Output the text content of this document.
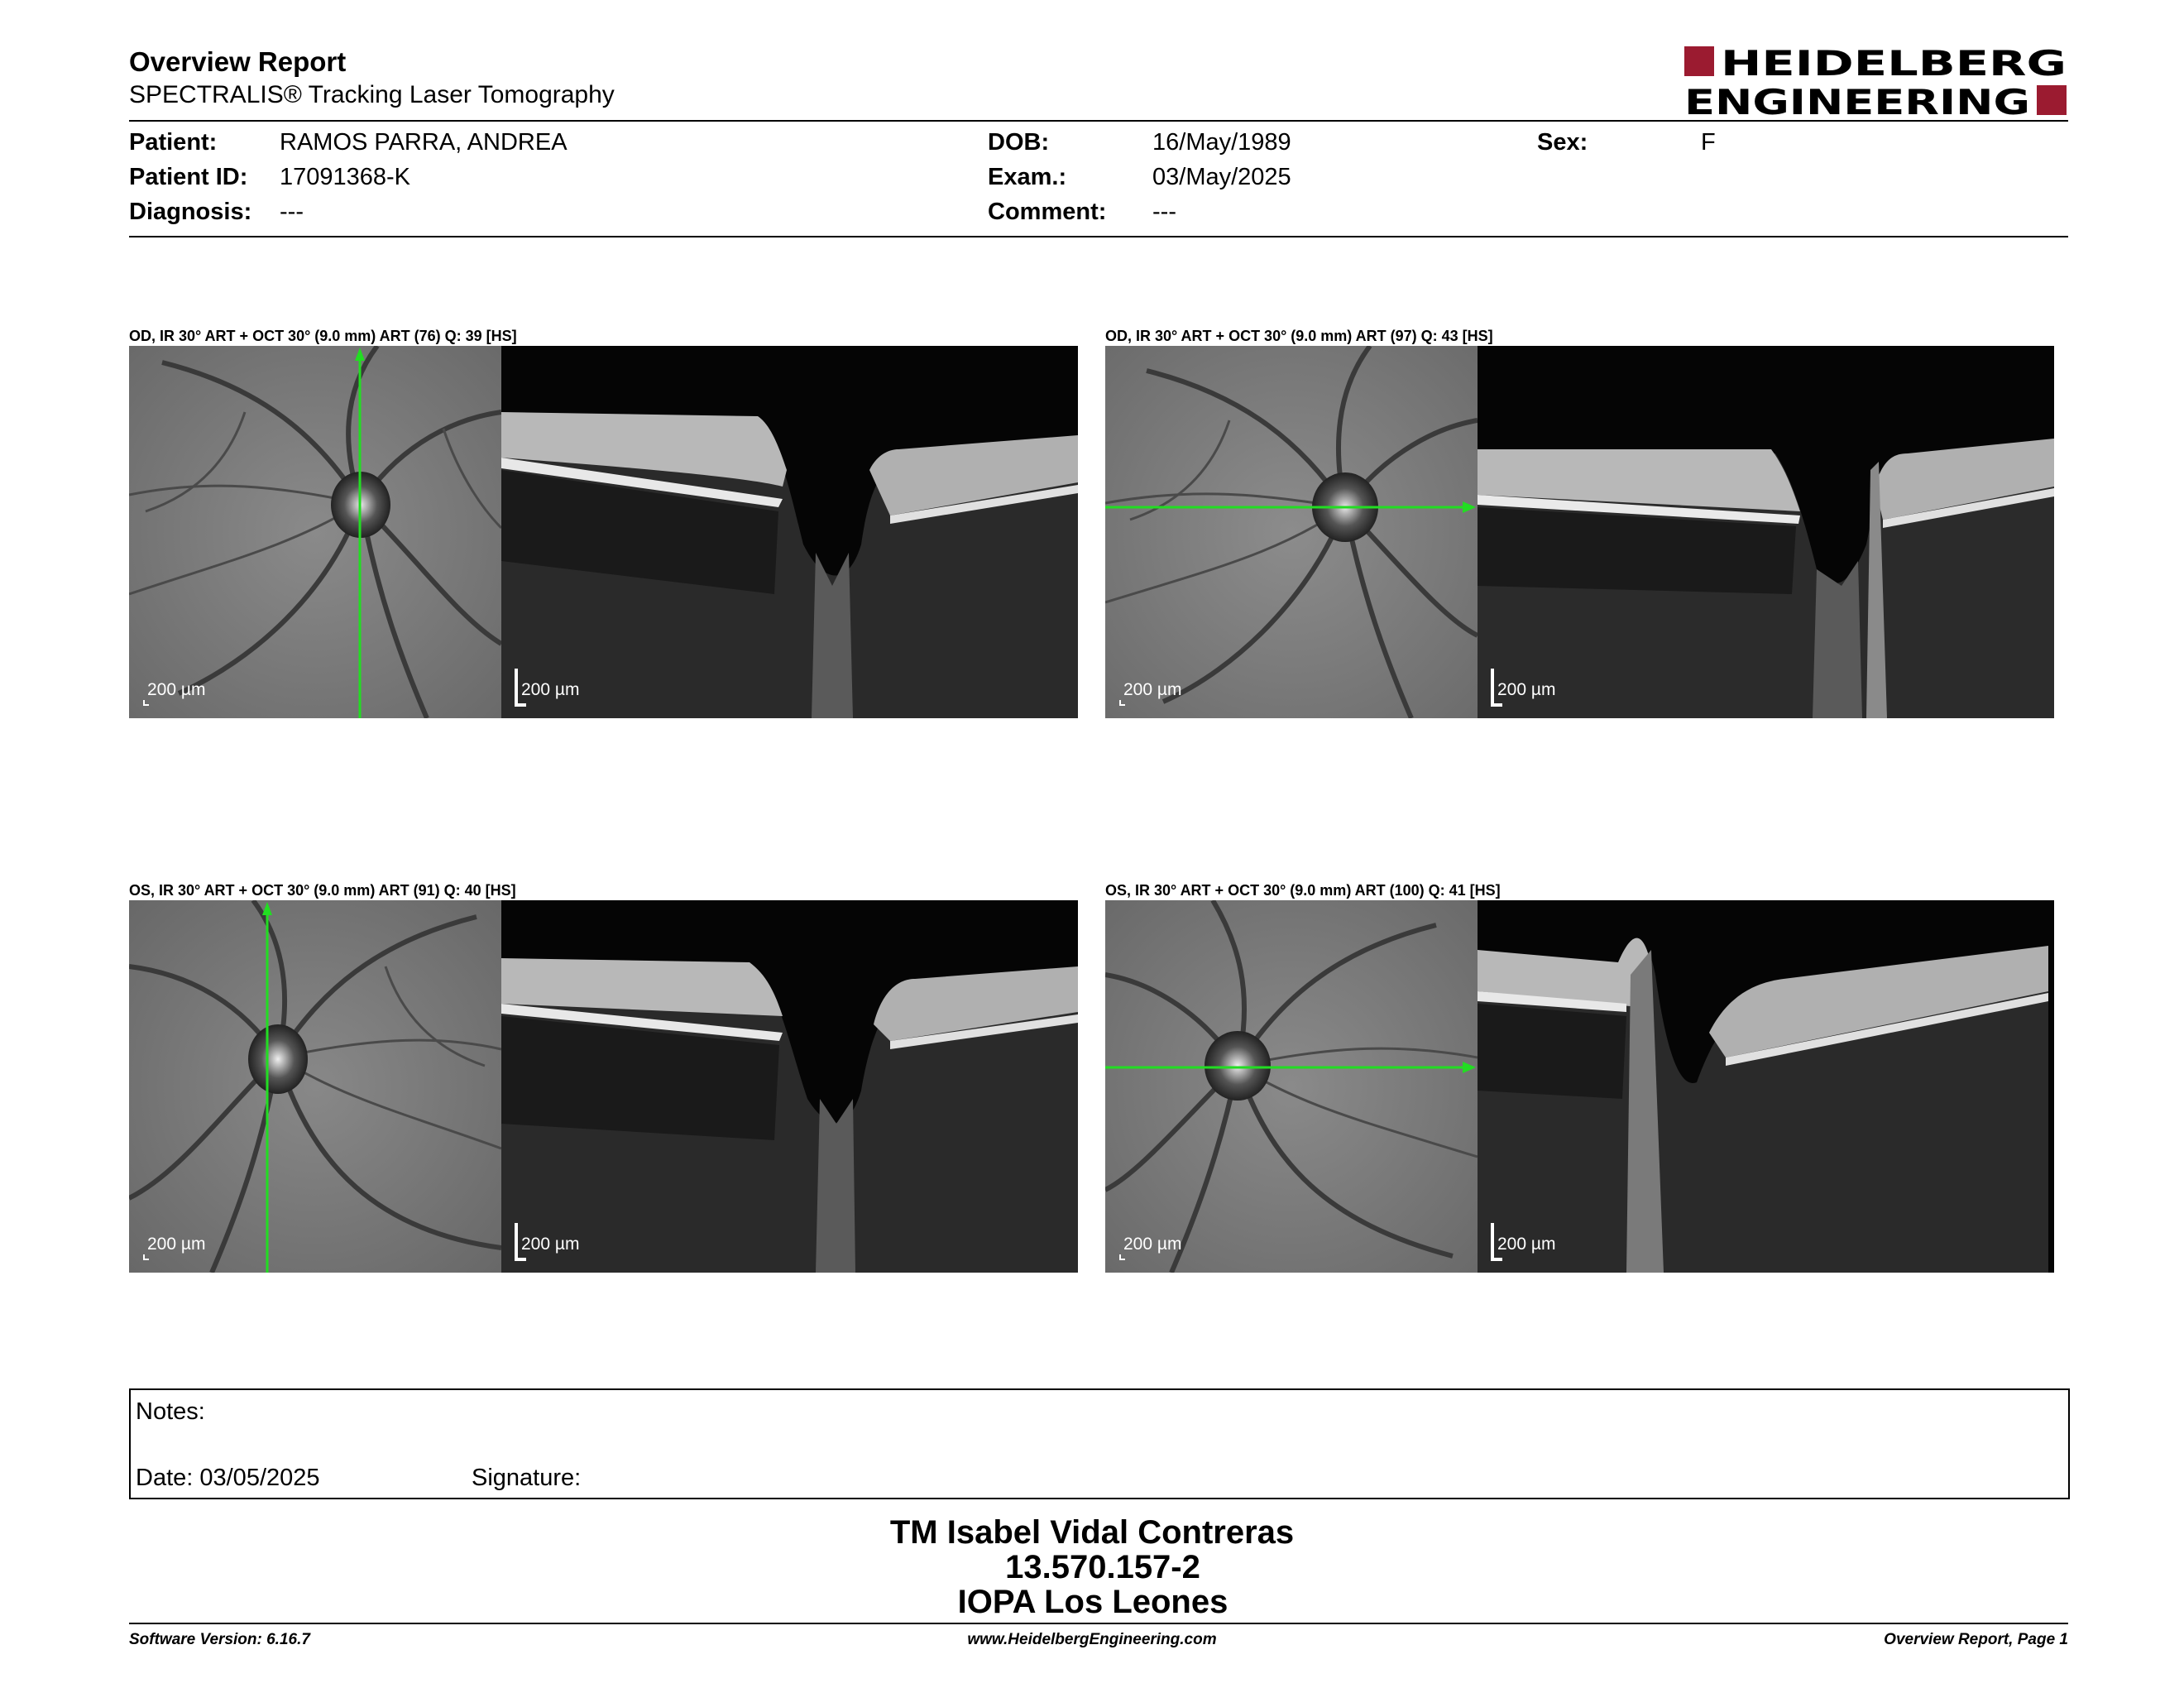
Overview Report
SPECTRALIS® Tracking Laser Tomography
HEIDELBERG
ENGINEERING
Patient:	RAMOS PARRA, ANDREA
Patient ID: 17091368-K
Diagnosis: ---
DOB:	16/May/1989
Exam.:	03/May/2025
Comment: ---
Sex:	F
OD, IR 30° ART + OCT 30° (9.0 mm) ART (76) Q: 39 [HS]
200 µm	200 µm
OD, IR 30° ART + OCT 30° (9.0 mm) ART (97) Q: 43 [HS]
200 µm	200 µm
OS, IR 30° ART + OCT 30° (9.0 mm) ART (91) Q: 40 [HS]
200 µm	200 µm
OS, IR 30° ART + OCT 30° (9.0 mm) ART (100) Q: 41 [HS]
200 µm	200 µm
Notes:
Date: 03/05/2025	Signature:
TM Isabel Vidal Contreras
13.570.157-2
IOPA Los Leones
Software Version: 6.16.7	www.HeidelbergEngineering.com	Overview Report, Page 1
